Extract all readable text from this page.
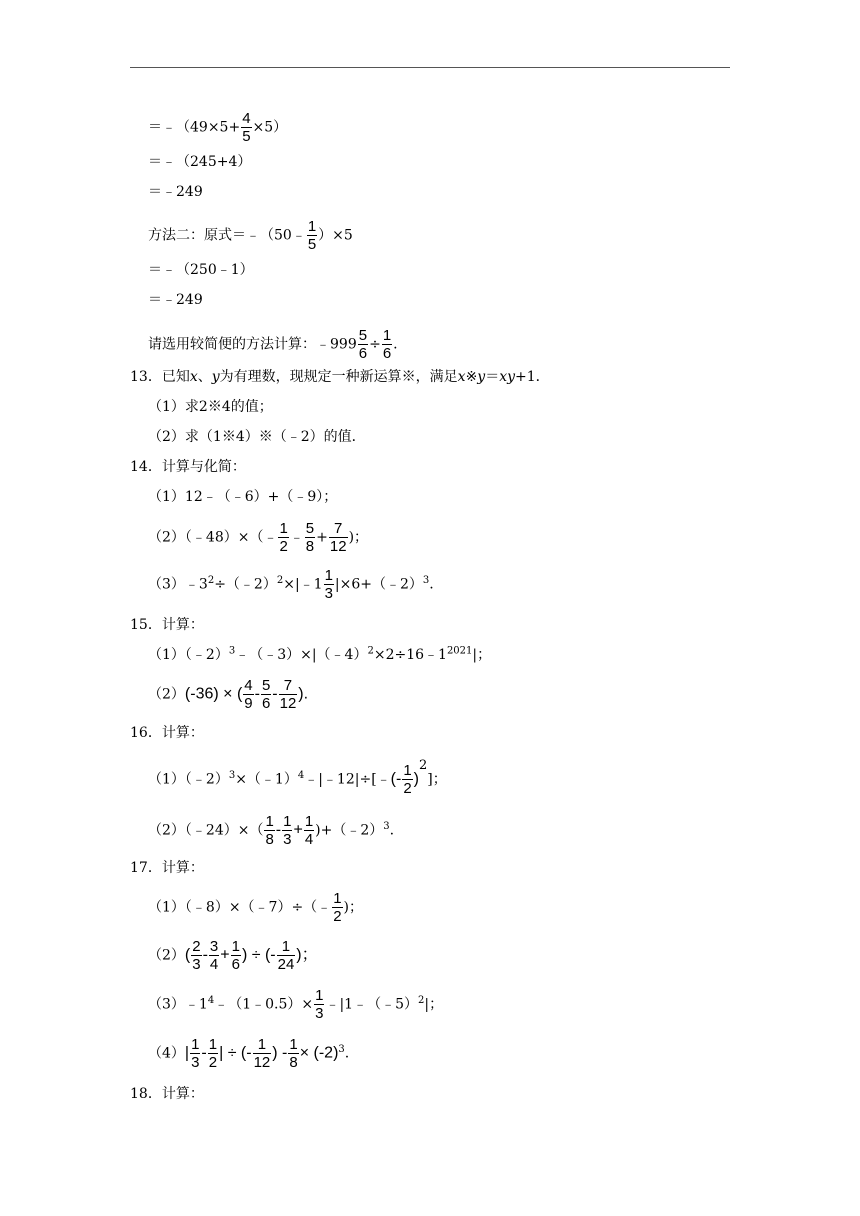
＝﹣（49×5+ $\frac{4}{5} \times 5$）
＝﹣（245+4）
＝﹣249
方法二：原式＝﹣（50﹣ $\frac{1}{5} )\times 5$
＝﹣（250﹣1）
＝﹣249
请选用较简便的方法计算：﹣999 $\frac{5}{6} \div \frac{1}{6}$ .
13．已知x、y为有理数，现规定一种新运算※，满足x※y＝xy+1．
（1）求2※4的值；
（2）求（1※4）※（﹣2）的值．
14．计算与化简：
（1）12﹣（﹣6）+（﹣9）；
（2）（﹣48）×（﹣ $\frac{1}{2}$ ﹣ $\frac{5}{8} + \frac{7}{12}$ )；
$(3)﹣3^2\div(﹣2)^2\times|﹣1 \frac{1}{3}$ |×6+（﹣2）$^3$.
15．计算：
$(1)(﹣2)^3﹣(﹣3)\times|(﹣4)^2\times 2\div 16﹣1^{2021}|$；
（2）(-36) × ( $\frac{4}{9} - \frac{5}{6} - \frac{7}{12}$ ).
16．计算：
（1）（﹣2）$^3$×（﹣1）$^4$﹣|﹣12|÷[﹣(- $\frac{1}{2} )2$]；
（2）（﹣24）×（ $\frac{1}{8} - \frac{1}{3} + \frac{1}{4}$ )+（﹣2）$^3$.
17．计算：
（1）（﹣8）×（﹣7）÷（﹣ $\frac{1}{2}$ )；
$(2)( \frac{2}{3} - \frac{3}{4} + \frac{1}{6}$ ) ÷ (- $\frac{1}{24}$ )；
$(3)﹣1^4﹣(1﹣0.5)\times \frac{1}{3}$ ﹣|1﹣（﹣5）$^2$|；
$(4)| \frac{1}{3} - \frac{1}{2}$ | ÷ (- $\frac{1}{12}$ ) - $\frac{1}{8} \times (-2)^3$.
18．计算：
